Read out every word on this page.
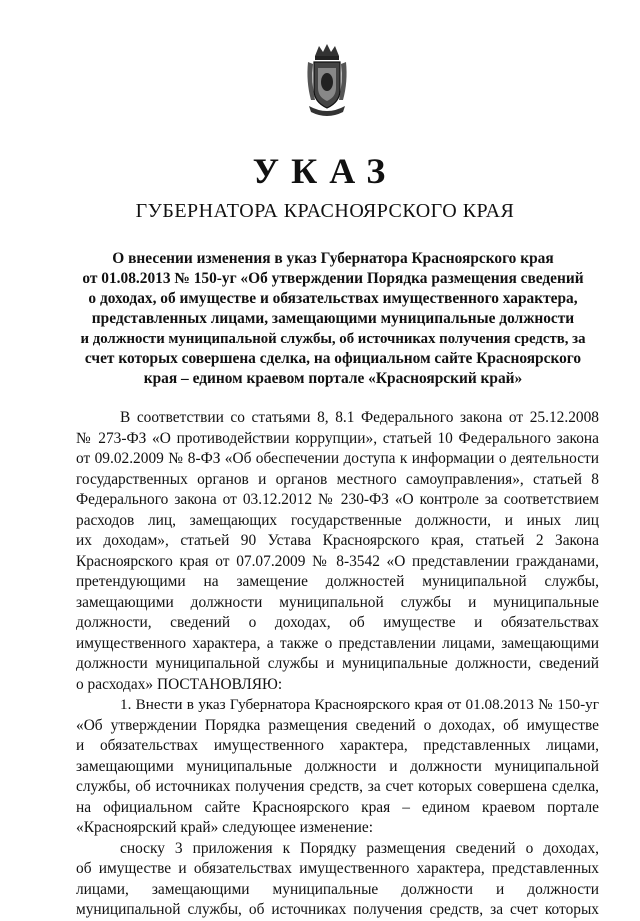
УКАЗ
ГУБЕРНАТОРА КРАСНОЯРСКОГО КРАЯ
О внесении изменения в указ Губернатора Красноярского края
от 01.08.2013 № 150-уг «Об утверждении Порядка размещения сведений
о доходах, об имуществе и обязательствах имущественного характера,
представленных лицами, замещающими муниципальные должности
и должности муниципальной службы, об источниках получения средств, за
счет которых совершена сделка, на официальном сайте Красноярского
края – едином краевом портале «Красноярский край»
В соответствии со статьями 8, 8.1 Федерального закона от 25.12.2008
№ 273-ФЗ «О противодействии коррупции», статьей 10 Федерального закона
от 09.02.2009 № 8-ФЗ «Об обеспечении доступа к информации о деятельности
государственных органов и органов местного самоуправления», статьей 8
Федерального закона от 03.12.2012 № 230-ФЗ «О контроле за соответствием
расходов лиц, замещающих государственные должности, и иных лиц
их доходам», статьей 90 Устава Красноярского края, статьей 2 Закона
Красноярского края от 07.07.2009 № 8-3542 «О представлении гражданами,
претендующими на замещение должностей муниципальной службы,
замещающими должности муниципальной службы и муниципальные
должности, сведений о доходах, об имуществе и обязательствах
имущественного характера, а также о представлении лицами, замещающими
должности муниципальной службы и муниципальные должности, сведений
о расходах» ПОСТАНОВЛЯЮ:
1. Внести в указ Губернатора Красноярского края от 01.08.2013 № 150-уг
«Об утверждении Порядка размещения сведений о доходах, об имуществе
и обязательствах имущественного характера, представленных лицами,
замещающими муниципальные должности и должности муниципальной
службы, об источниках получения средств, за счет которых совершена сделка,
на официальном сайте Красноярского края – едином краевом портале
«Красноярский край» следующее изменение:
сноску 3 приложения к Порядку размещения сведений о доходах,
об имуществе и обязательствах имущественного характера, представленных
лицами, замещающими муниципальные должности и должности
муниципальной службы, об источниках получения средств, за счет которых
